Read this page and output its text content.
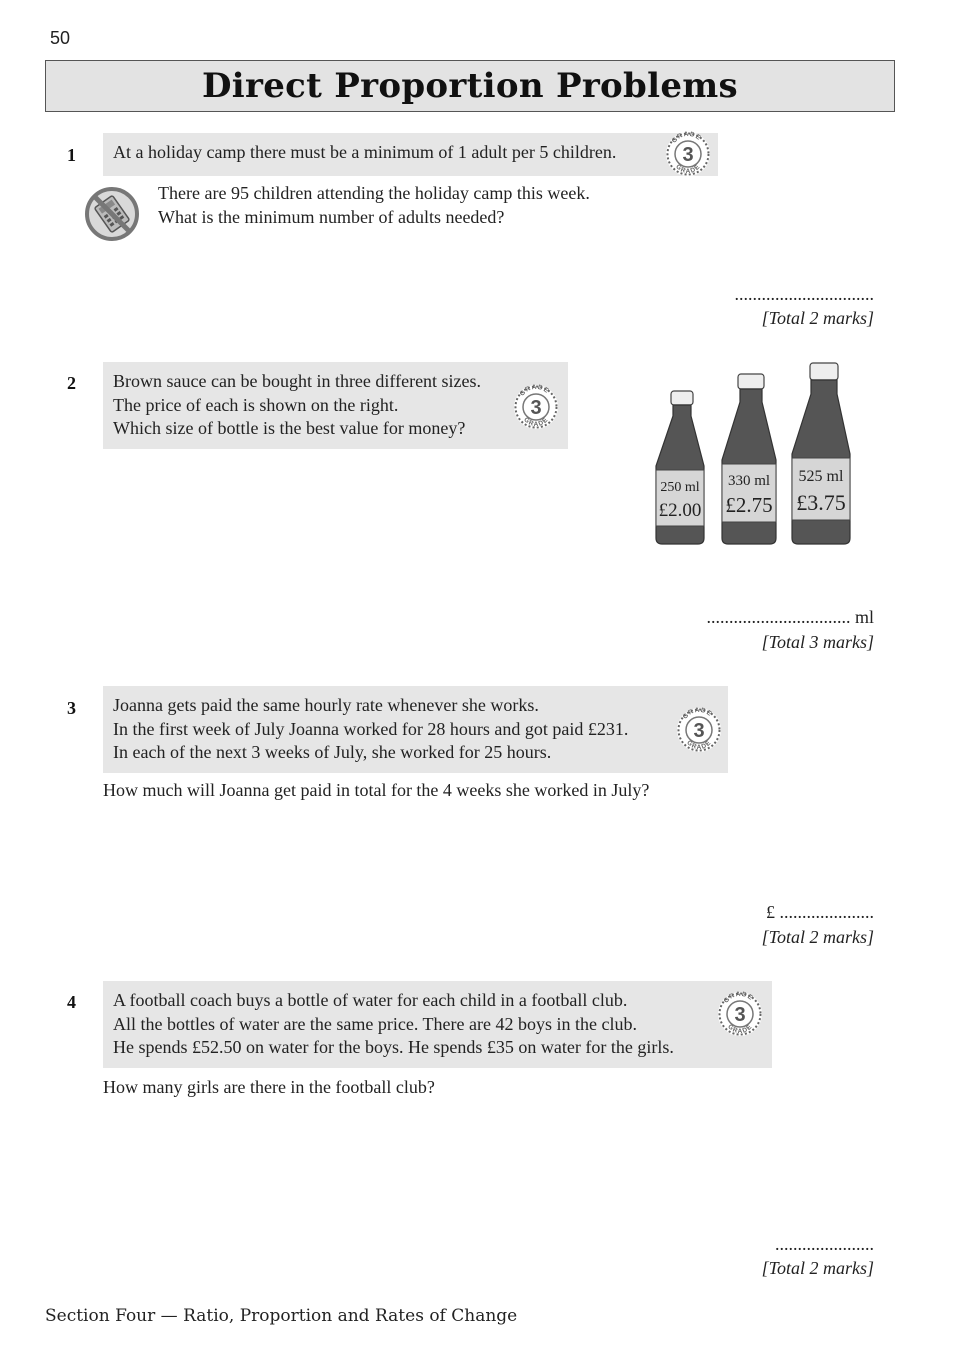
50
Direct Proportion Problems
1 At a holiday camp there must be a minimum of 1 adult per 5 children.	3
There are 95 children attending the holiday camp this week.
What is the minimum number of adults needed?
...............................
[Total 2 marks]
2 Brown sauce can be bought in three different sizes.
The price of each is shown on the right.
Which size of bottle is the best value for money?
3
250 ml
£2.00
330 ml
£2.75
525 ml
£3.75
................................ ml
[Total 3 marks]
3 Joanna gets paid the same hourly rate whenever she works.
In the first week of July Joanna worked for 28 hours and got paid £231.
In each of the next 3 weeks of July, she worked for 25 hours.
3
How much will Joanna get paid in total for the 4 weeks she worked in July?
£ .....................
[Total 2 marks]
4 A football coach buys a bottle of water for each child in a football club.
All the bottles of water are the same price. There are 42 boys in the club.
He spends £52.50 on water for the boys. He spends £35 on water for the girls.
3
How many girls are there in the football club?
......................
[Total 2 marks]
Section Four — Ratio, Proportion and Rates of Change
